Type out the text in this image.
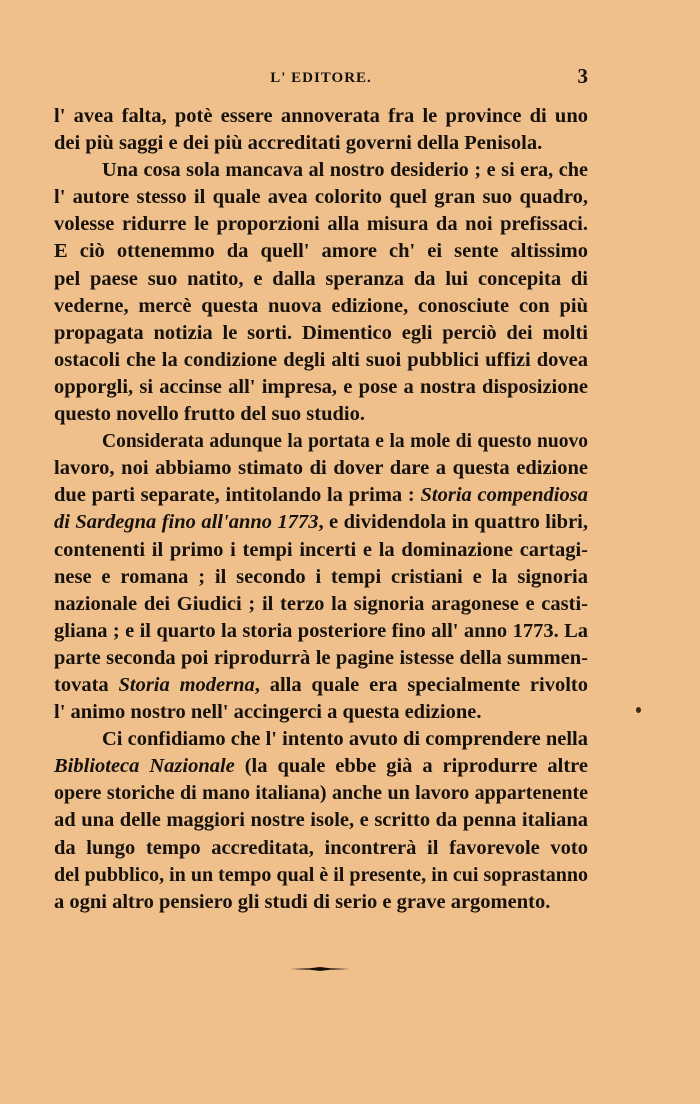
L' EDITORE.	3
l' avea falta, potè essere annoverata fra le province di uno
dei più saggi e dei più accreditati governi della Penisola.
Una cosa sola mancava al nostro desiderio ; e si era, che
l' autore stesso il quale avea colorito quel gran suo quadro,
volesse ridurre le proporzioni alla misura da noi prefissaci.
E ciò ottenemmo da quell' amore ch' ei sente altissimo
pel paese suo natito, e dalla speranza da lui concepita di
vederne, mercè questa nuova edizione, conosciute con più
propagata notizia le sorti. Dimentico egli perciò dei molti
ostacoli che la condizione degli alti suoi pubblici uffizi dovea
opporgli, si accinse all' impresa, e pose a nostra disposizione
questo novello frutto del suo studio.
Considerata adunque la portata e la mole di questo nuovo
lavoro, noi abbiamo stimato di dover dare a questa edizione
due parti separate, intitolando la prima : Storia compendiosa
di Sardegna fino all'anno 1773, e dividendola in quattro libri,
contenenti il primo i tempi incerti e la dominazione cartagi-
nese e romana ; il secondo i tempi cristiani e la signoria
nazionale dei Giudici ; il terzo la signoria aragonese e casti-
gliana ; e il quarto la storia posteriore fino all' anno 1773. La
parte seconda poi riprodurrà le pagine istesse della summen-
tovata Storia moderna, alla quale era specialmente rivolto
l' animo nostro nell' accingerci a questa edizione.
Ci confidiamo che l' intento avuto di comprendere nella
Biblioteca Nazionale (la quale ebbe già a riprodurre altre
opere storiche di mano italiana) anche un lavoro appartenente
ad una delle maggiori nostre isole, e scritto da penna italiana
da lungo tempo accreditata, incontrerà il favorevole voto
del pubblico, in un tempo qual è il presente, in cui soprastanno
a ogni altro pensiero gli studi di serio e grave argomento.
